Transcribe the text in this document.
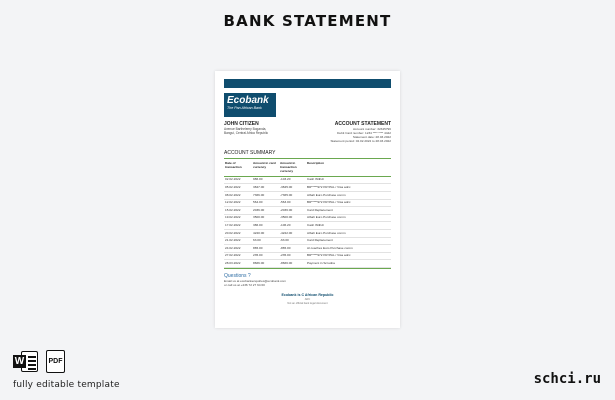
BANK STATEMENT
Ecobank
The Pan African Bank
JOHN CITIZEN
Avenue Barthelemy Boganda,
Bangui, Central Africa Republic
ACCOUNT STATEMENT
Account number: 32345796
Debit Card number: 1234 **** **** 4442
Statement date: 28.03.2022
Statement period: 02.02.2022 to 28.03.2022
ACCOUNT SUMMARY
Date of transaction	Amount in card currency	Amount in transaction currency	Description
02.02.2022	986.00	-103.20	Cash Withdr
05.02.2022	3847.00	-3845.00	BR*****972 PAYPAL / Visa adcc
08.02.2022	7366.00	-7365.00	Albah Euro Purchase comm
12.02.2022	564.00	-563.00	BR*****972 PAYPAL / Visa adcc
15.02.2022	2036.00	-2036.00	Card Replacement
19.02.2022	3500.00	-3500.00	Albah Euro Purchase comm
17.02.2022	386.00	-106.20	Cash Withdr
20.02.2022	4220.00	-4222.00	Albah Euro Purchase comm
21.02.2022	63.00	-63.00	Card Replacement
24.02.2022	865.00	-865.00	Al coaches Euro Purchase comm
27.02.2022	235.00	-235.00	BR*****972 PAYPAL / Visa adcc
28.03.2022	8666.00	-8666.00	Payment in Scrudna
Questions ?
Email us at ecobankenquiries@ecobank.com
or call us at +236 72 27 64 60
Ecobank is C African Republic
ARC
Not an official bank legal document
W	PDF
fully editable template	schci.ru
